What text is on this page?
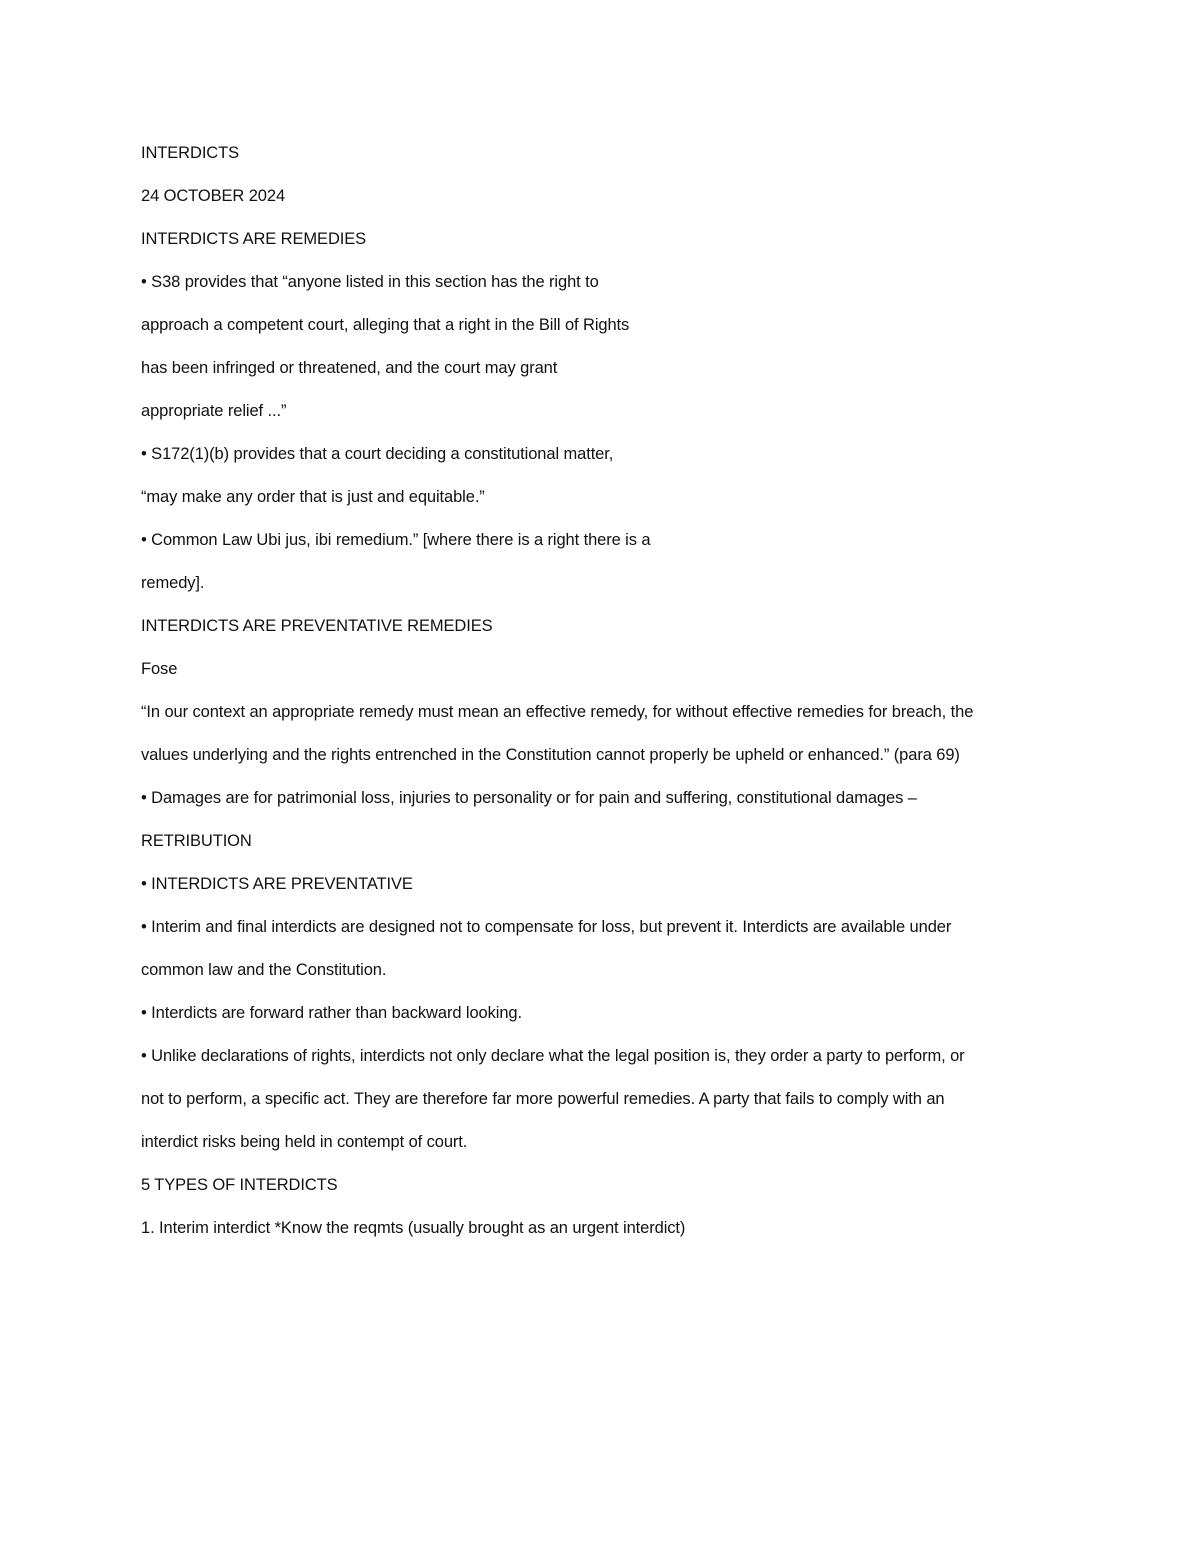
INTERDICTS

24 OCTOBER 2024

INTERDICTS ARE REMEDIES

• S38 provides that “anyone listed in this section has the right to

approach a competent court, alleging that a right in the Bill of Rights

has been infringed or threatened, and the court may grant

appropriate relief ...”

• S172(1)(b) provides that a court deciding a constitutional matter,

“may make any order that is just and equitable.”

• Common Law Ubi jus, ibi remedium.” [where there is a right there is a

remedy].

INTERDICTS ARE PREVENTATIVE REMEDIES

Fose

“In our context an appropriate remedy must mean an effective remedy, for without effective remedies for breach, the

values underlying and the rights entrenched in the Constitution cannot properly be upheld or enhanced.” (para 69)

• Damages are for patrimonial loss, injuries to personality or for pain and suffering, constitutional damages –

RETRIBUTION

• INTERDICTS ARE PREVENTATIVE

• Interim and final interdicts are designed not to compensate for loss, but prevent it. Interdicts are available under

common law and the Constitution.

• Interdicts are forward rather than backward looking.

• Unlike declarations of rights, interdicts not only declare what the legal position is, they order a party to perform, or

not to perform, a specific act. They are therefore far more powerful remedies. A party that fails to comply with an

interdict risks being held in contempt of court.

5 TYPES OF INTERDICTS

1. Interim interdict *Know the reqmts (usually brought as an urgent interdict)
